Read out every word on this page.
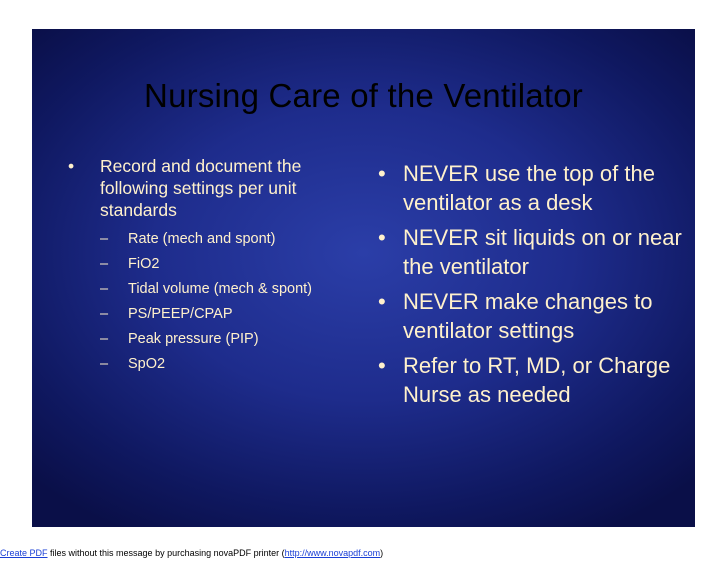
Nursing Care of the Ventilator
• Record and document the following settings per unit standards
– Rate (mech and spont)
– FiO2
– Tidal volume (mech & spont)
– PS/PEEP/CPAP
– Peak pressure (PIP)
– SpO2
• NEVER use the top of the ventilator as a desk
• NEVER sit liquids on or near the ventilator
• NEVER make changes to ventilator settings
• Refer to RT, MD, or Charge Nurse as needed
Create PDF files without this message by purchasing novaPDF printer (http://www.novapdf.com)
